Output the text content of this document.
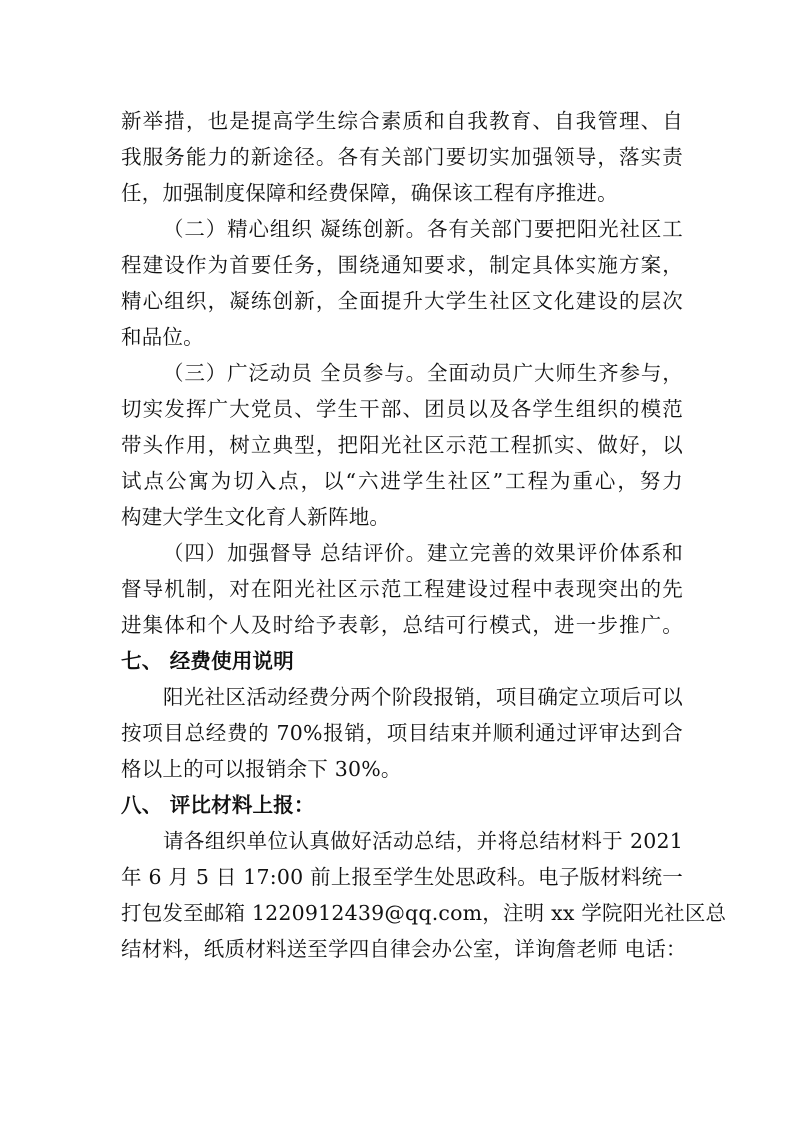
新举措，也是提高学生综合素质和自我教育、自我管理、自
我服务能力的新途径。各有关部门要切实加强领导，落实责
任，加强制度保障和经费保障，确保该工程有序推进。
（二）精心组织 凝练创新。各有关部门要把阳光社区工
程建设作为首要任务，围绕通知要求，制定具体实施方案，
精心组织，凝练创新，全面提升大学生社区文化建设的层次
和品位。
（三）广泛动员 全员参与。全面动员广大师生齐参与，
切实发挥广大党员、学生干部、团员以及各学生组织的模范
带头作用，树立典型，把阳光社区示范工程抓实、做好，以
试点公寓为切入点，以“六进学生社区”工程为重心，努力
构建大学生文化育人新阵地。
（四）加强督导 总结评价。建立完善的效果评价体系和
督导机制，对在阳光社区示范工程建设过程中表现突出的先
进集体和个人及时给予表彰，总结可行模式，进一步推广。
七、 经费使用说明
阳光社区活动经费分两个阶段报销，项目确定立项后可以
按项目总经费的 70%报销，项目结束并顺利通过评审达到合
格以上的可以报销余下 30%。
八、 评比材料上报：
请各组织单位认真做好活动总结，并将总结材料于 2021
年 6 月 5 日 17:00 前上报至学生处思政科。电子版材料统一
打包发至邮箱 1220912439@qq.com，注明 xx 学院阳光社区总
结材料，纸质材料送至学四自律会办公室，详询詹老师 电话：
